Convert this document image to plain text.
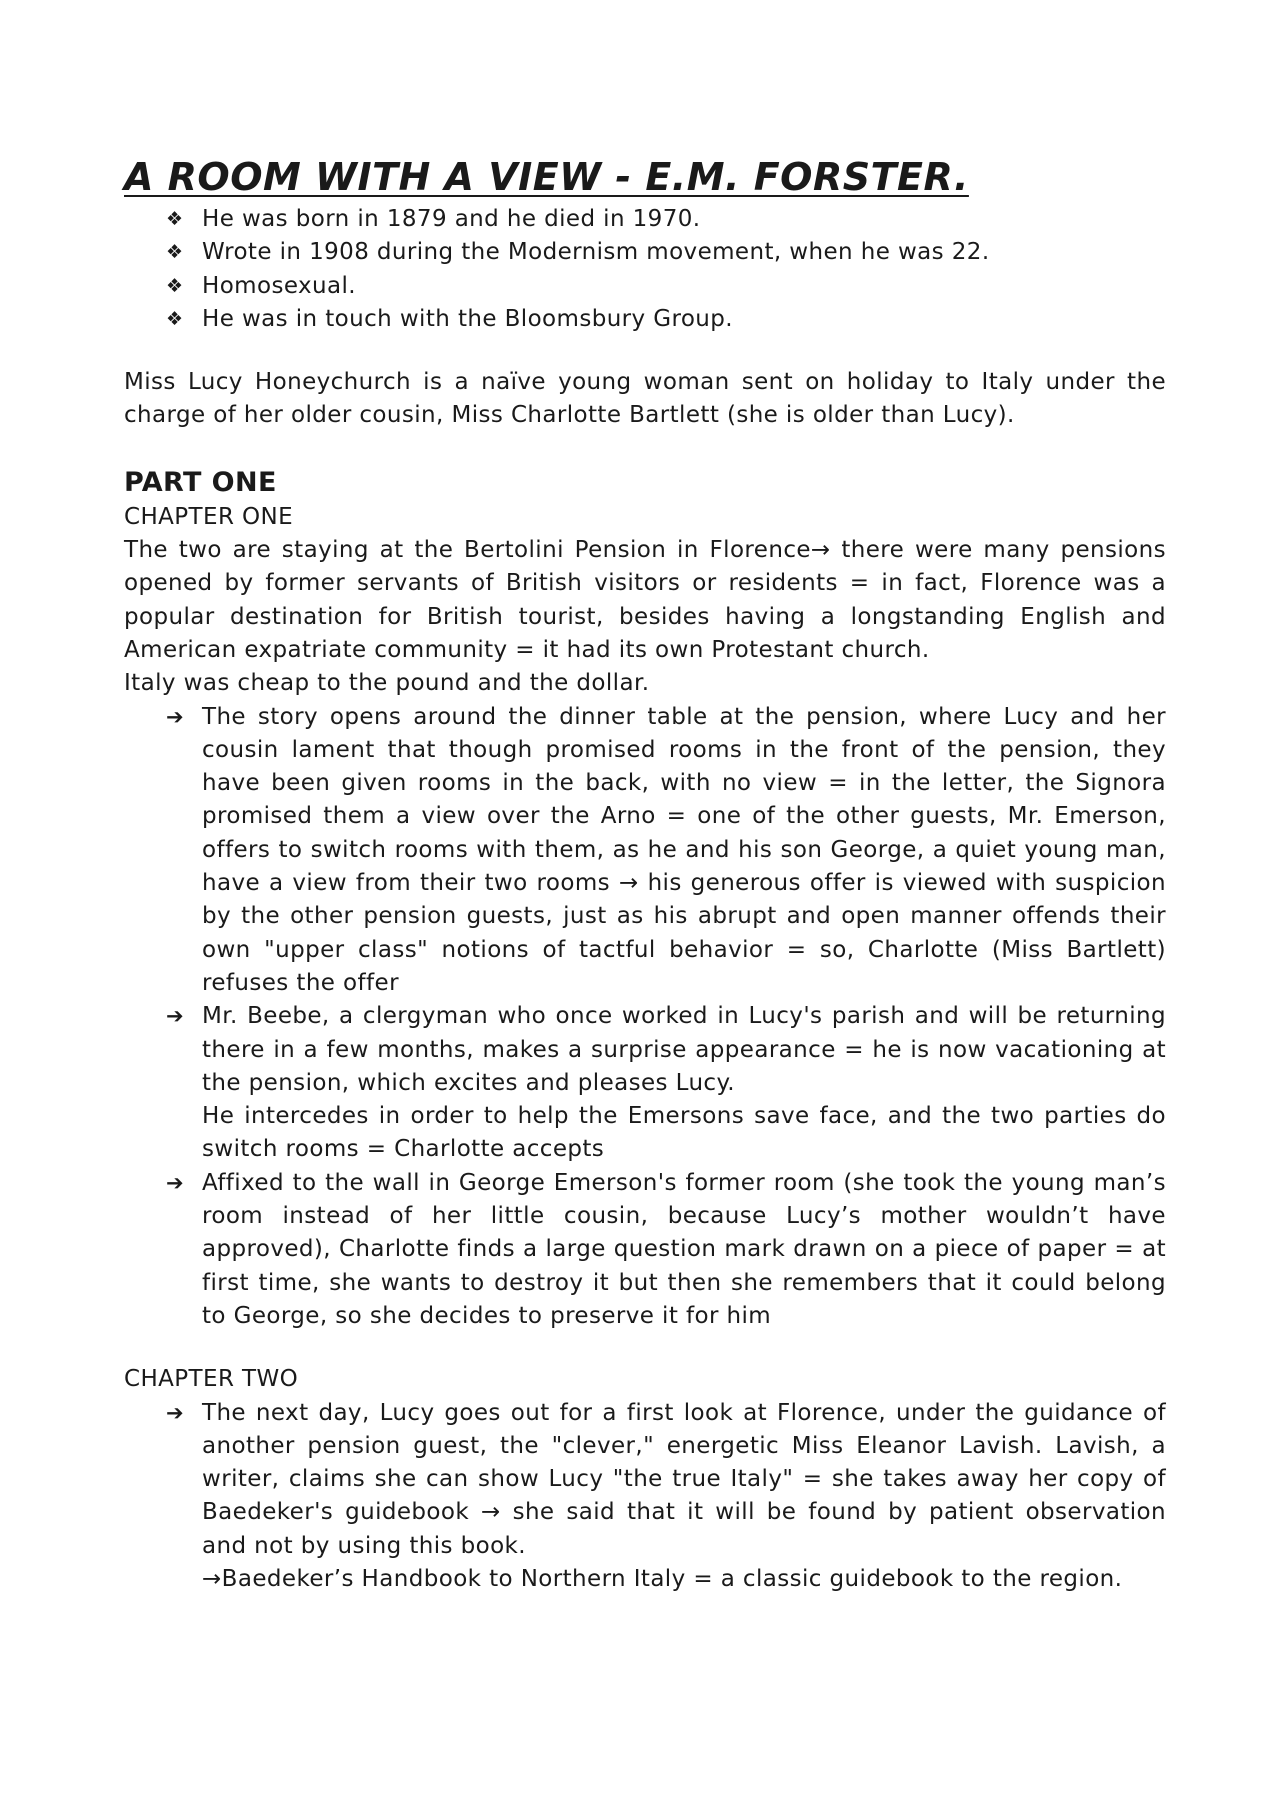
A ROOM WITH A VIEW - E.M. FORSTER.
❖ He was born in 1879 and he died in 1970.
❖ Wrote in 1908 during the Modernism movement, when he was 22.
❖ Homosexual.
❖ He was in touch with the Bloomsbury Group.

Miss Lucy Honeychurch is a naïve young woman sent on holiday to Italy under the charge of her older cousin, Miss Charlotte Bartlett (she is older than Lucy).

PART ONE
CHAPTER ONE

The two are staying at the Bertolini Pension in Florence→ there were many pensions opened by former servants of British visitors or residents = in fact, Florence was a popular destination for British tourist, besides having a longstanding English and American expatriate community = it had its own Protestant church.

Italy was cheap to the pound and the dollar.

➔ The story opens around the dinner table at the pension, where Lucy and her cousin lament that though promised rooms in the front of the pension, they have been given rooms in the back, with no view = in the letter, the Signora promised them a view over the Arno = one of the other guests, Mr. Emerson, offers to switch rooms with them, as he and his son George, a quiet young man, have a view from their two rooms → his generous offer is viewed with suspicion by the other pension guests, just as his abrupt and open manner offends their own "upper class" notions of tactful behavior = so, Charlotte (Miss Bartlett) refuses the offer
➔ Mr. Beebe, a clergyman who once worked in Lucy's parish and will be returning there in a few months, makes a surprise appearance = he is now vacationing at the pension, which excites and pleases Lucy.
He intercedes in order to help the Emersons save face, and the two parties do switch rooms = Charlotte accepts
➔ Affixed to the wall in George Emerson's former room (she took the young man’s room instead of her little cousin, because Lucy’s mother wouldn’t have approved), Charlotte finds a large question mark drawn on a piece of paper = at first time, she wants to destroy it but then she remembers that it could belong to George, so she decides to preserve it for him
CHAPTER TWO
➔ The next day, Lucy goes out for a first look at Florence, under the guidance of another pension guest, the "clever," energetic Miss Eleanor Lavish. Lavish, a writer, claims she can show Lucy "the true Italy" = she takes away her copy of Baedeker's guidebook → she said that it will be found by patient observation and not by using this book.
→Baedeker’s Handbook to Northern Italy = a classic guidebook to the region.
